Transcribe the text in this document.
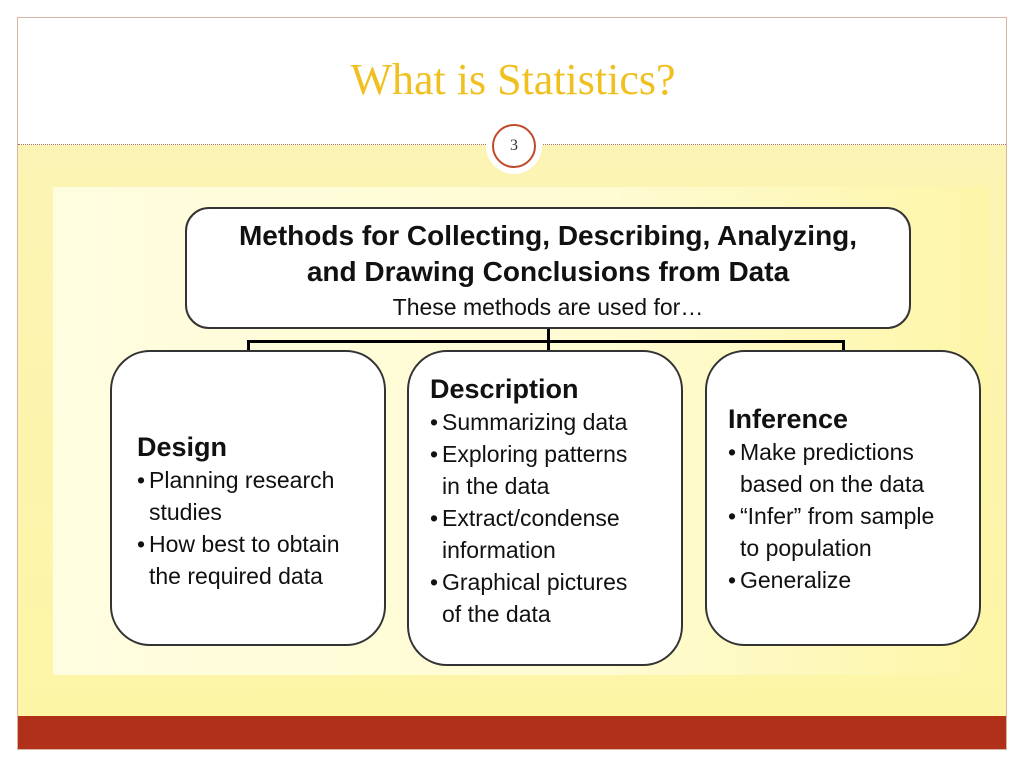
What is Statistics?
3
Methods for Collecting, Describing, Analyzing,
and Drawing Conclusions from Data
These methods are used for…
Design
• Planning research
studies
• How best to obtain
the required data
Description
• Summarizing data
• Exploring patterns
in the data
• Extract/condense
information
• Graphical pictures
of the data
Inference
• Make predictions
based on the data
• “Infer” from sample
to population
• Generalize
